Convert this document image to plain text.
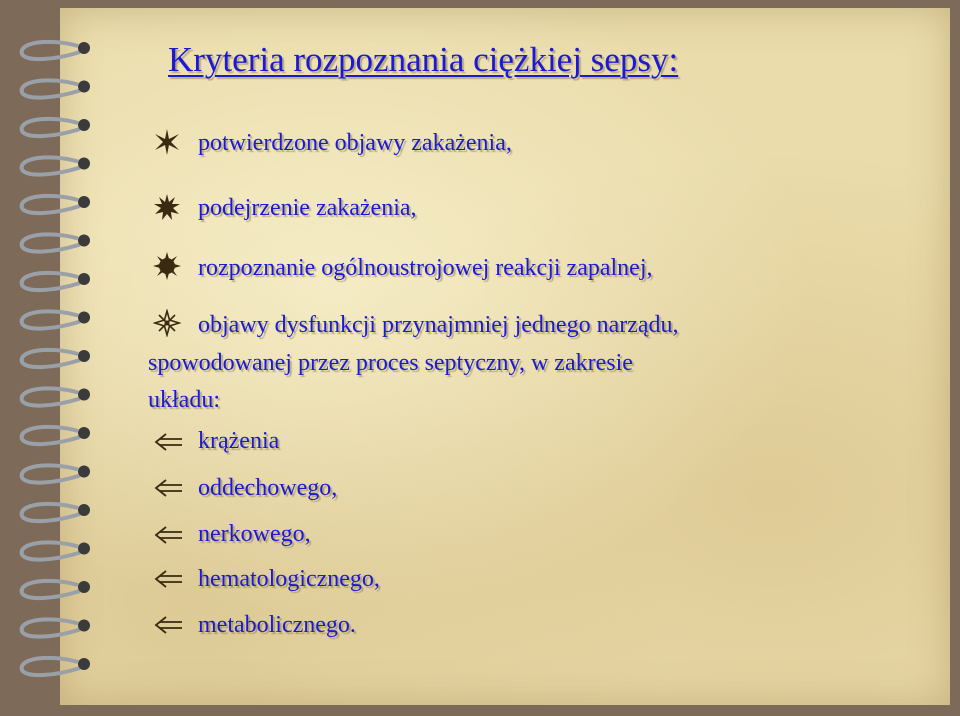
Kryteria rozpoznania ciężkiej sepsy:
potwierdzone objawy zakażenia,
podejrzenie zakażenia,
rozpoznanie ogólnoustrojowej reakcji zapalnej,
objawy dysfunkcji przynajmniej jednego narządu,
spowodowanej przez proces septyczny, w zakresie
układu:
krążenia
oddechowego,
nerkowego,
hematologicznego,
metabolicznego.
